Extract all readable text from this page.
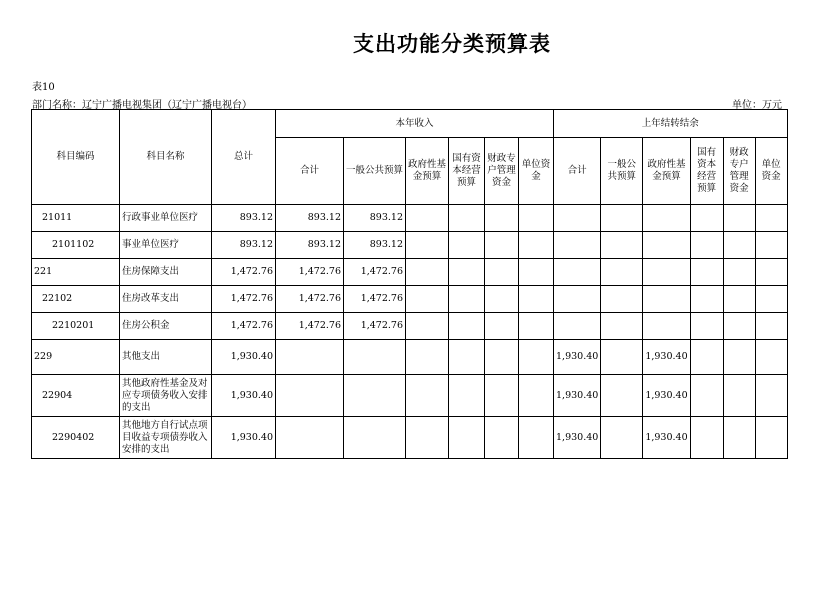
支出功能分类预算表
表10
部门名称：辽宁广播电视集团（辽宁广播电视台）	单位：万元
科目编码	科目名称	总计	本年收入						上年结转结余					
			合计	一般公共预算	政府性基金预算	国有资本经营预算	财政专户管理资金	单位资金	合计	一般公共预算	政府性基金预算	国有资本经营预算	财政专户管理资金	单位资金
21011	行政事业单位医疗	893.12	893.12	893.12										
2101102	事业单位医疗	893.12	893.12	893.12										
221	住房保障支出	1,472.76	1,472.76	1,472.76										
22102	住房改革支出	1,472.76	1,472.76	1,472.76										
2210201	住房公积金	1,472.76	1,472.76	1,472.76										
229	其他支出	1,930.40							1,930.40		1,930.40			
22904	其他政府性基金及对应专项债务收入安排的支出	1,930.40							1,930.40		1,930.40			
2290402	其他地方自行试点项目收益专项债券收入安排的支出	1,930.40							1,930.40		1,930.40			
